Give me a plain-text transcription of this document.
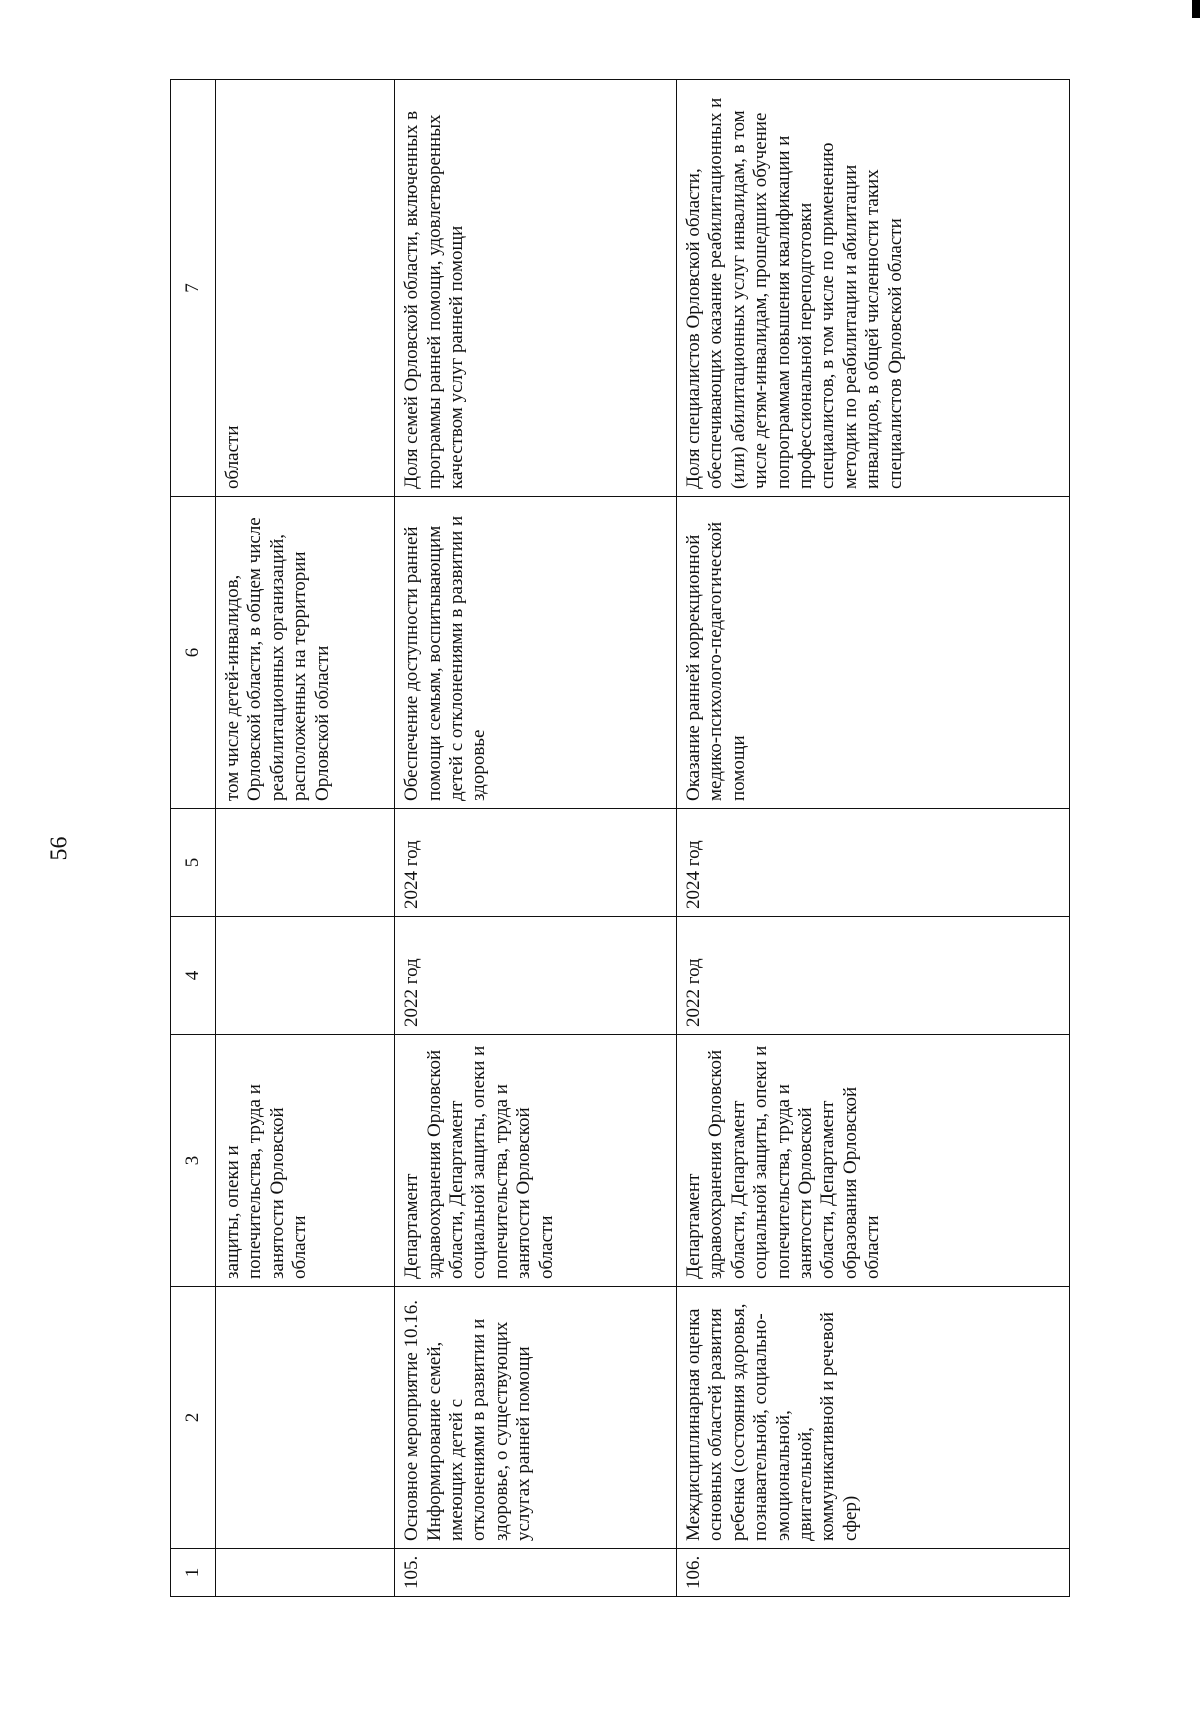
56
1	2	3	4	5	6	7
		защиты, опеки и попечительства, труда и занятости Орловской области			том числе детей-инвалидов, Орловской области, в общем числе реабилитационных организаций, расположенных на территории Орловской области	области
105.	Основное мероприятие 10.16. Информирование семей, имеющих детей с отклонениями в развитии и здоровье, о существующих услугах ранней помощи	Департамент здравоохранения Орловской области, Департамент социальной защиты, опеки и попечительства, труда и занятости Орловской области	2022 год	2024 год	Обеспечение доступности ранней помощи семьям, воспитывающим детей с отклонениями в развитии и здоровье	Доля семей Орловской области, включенных в программы ранней помощи, удовлетворенных качеством услуг ранней помощи
106.	Междисциплинарная оценка основных областей развития ребенка (состояния здоровья, познавательной, социально-эмоциональной, двигательной, коммуникативной и речевой сфер)	Департамент здравоохранения Орловской области, Департамент социальной защиты, опеки и попечительства, труда и занятости Орловской области, Департамент образования Орловской области	2022 год	2024 год	Оказание ранней коррекционной медико-психолого-педагогической помощи	Доля специалистов Орловской области, обеспечивающих оказание реабилитационных и (или) абилитационных услуг инвалидам, в том числе детям-инвалидам, прошедших обучение попрограммам повышения квалификации и профессиональной переподготовки специалистов, в том числе по применению методик по реабилитации и абилитации инвалидов, в общей численности таких специалистов Орловской области
